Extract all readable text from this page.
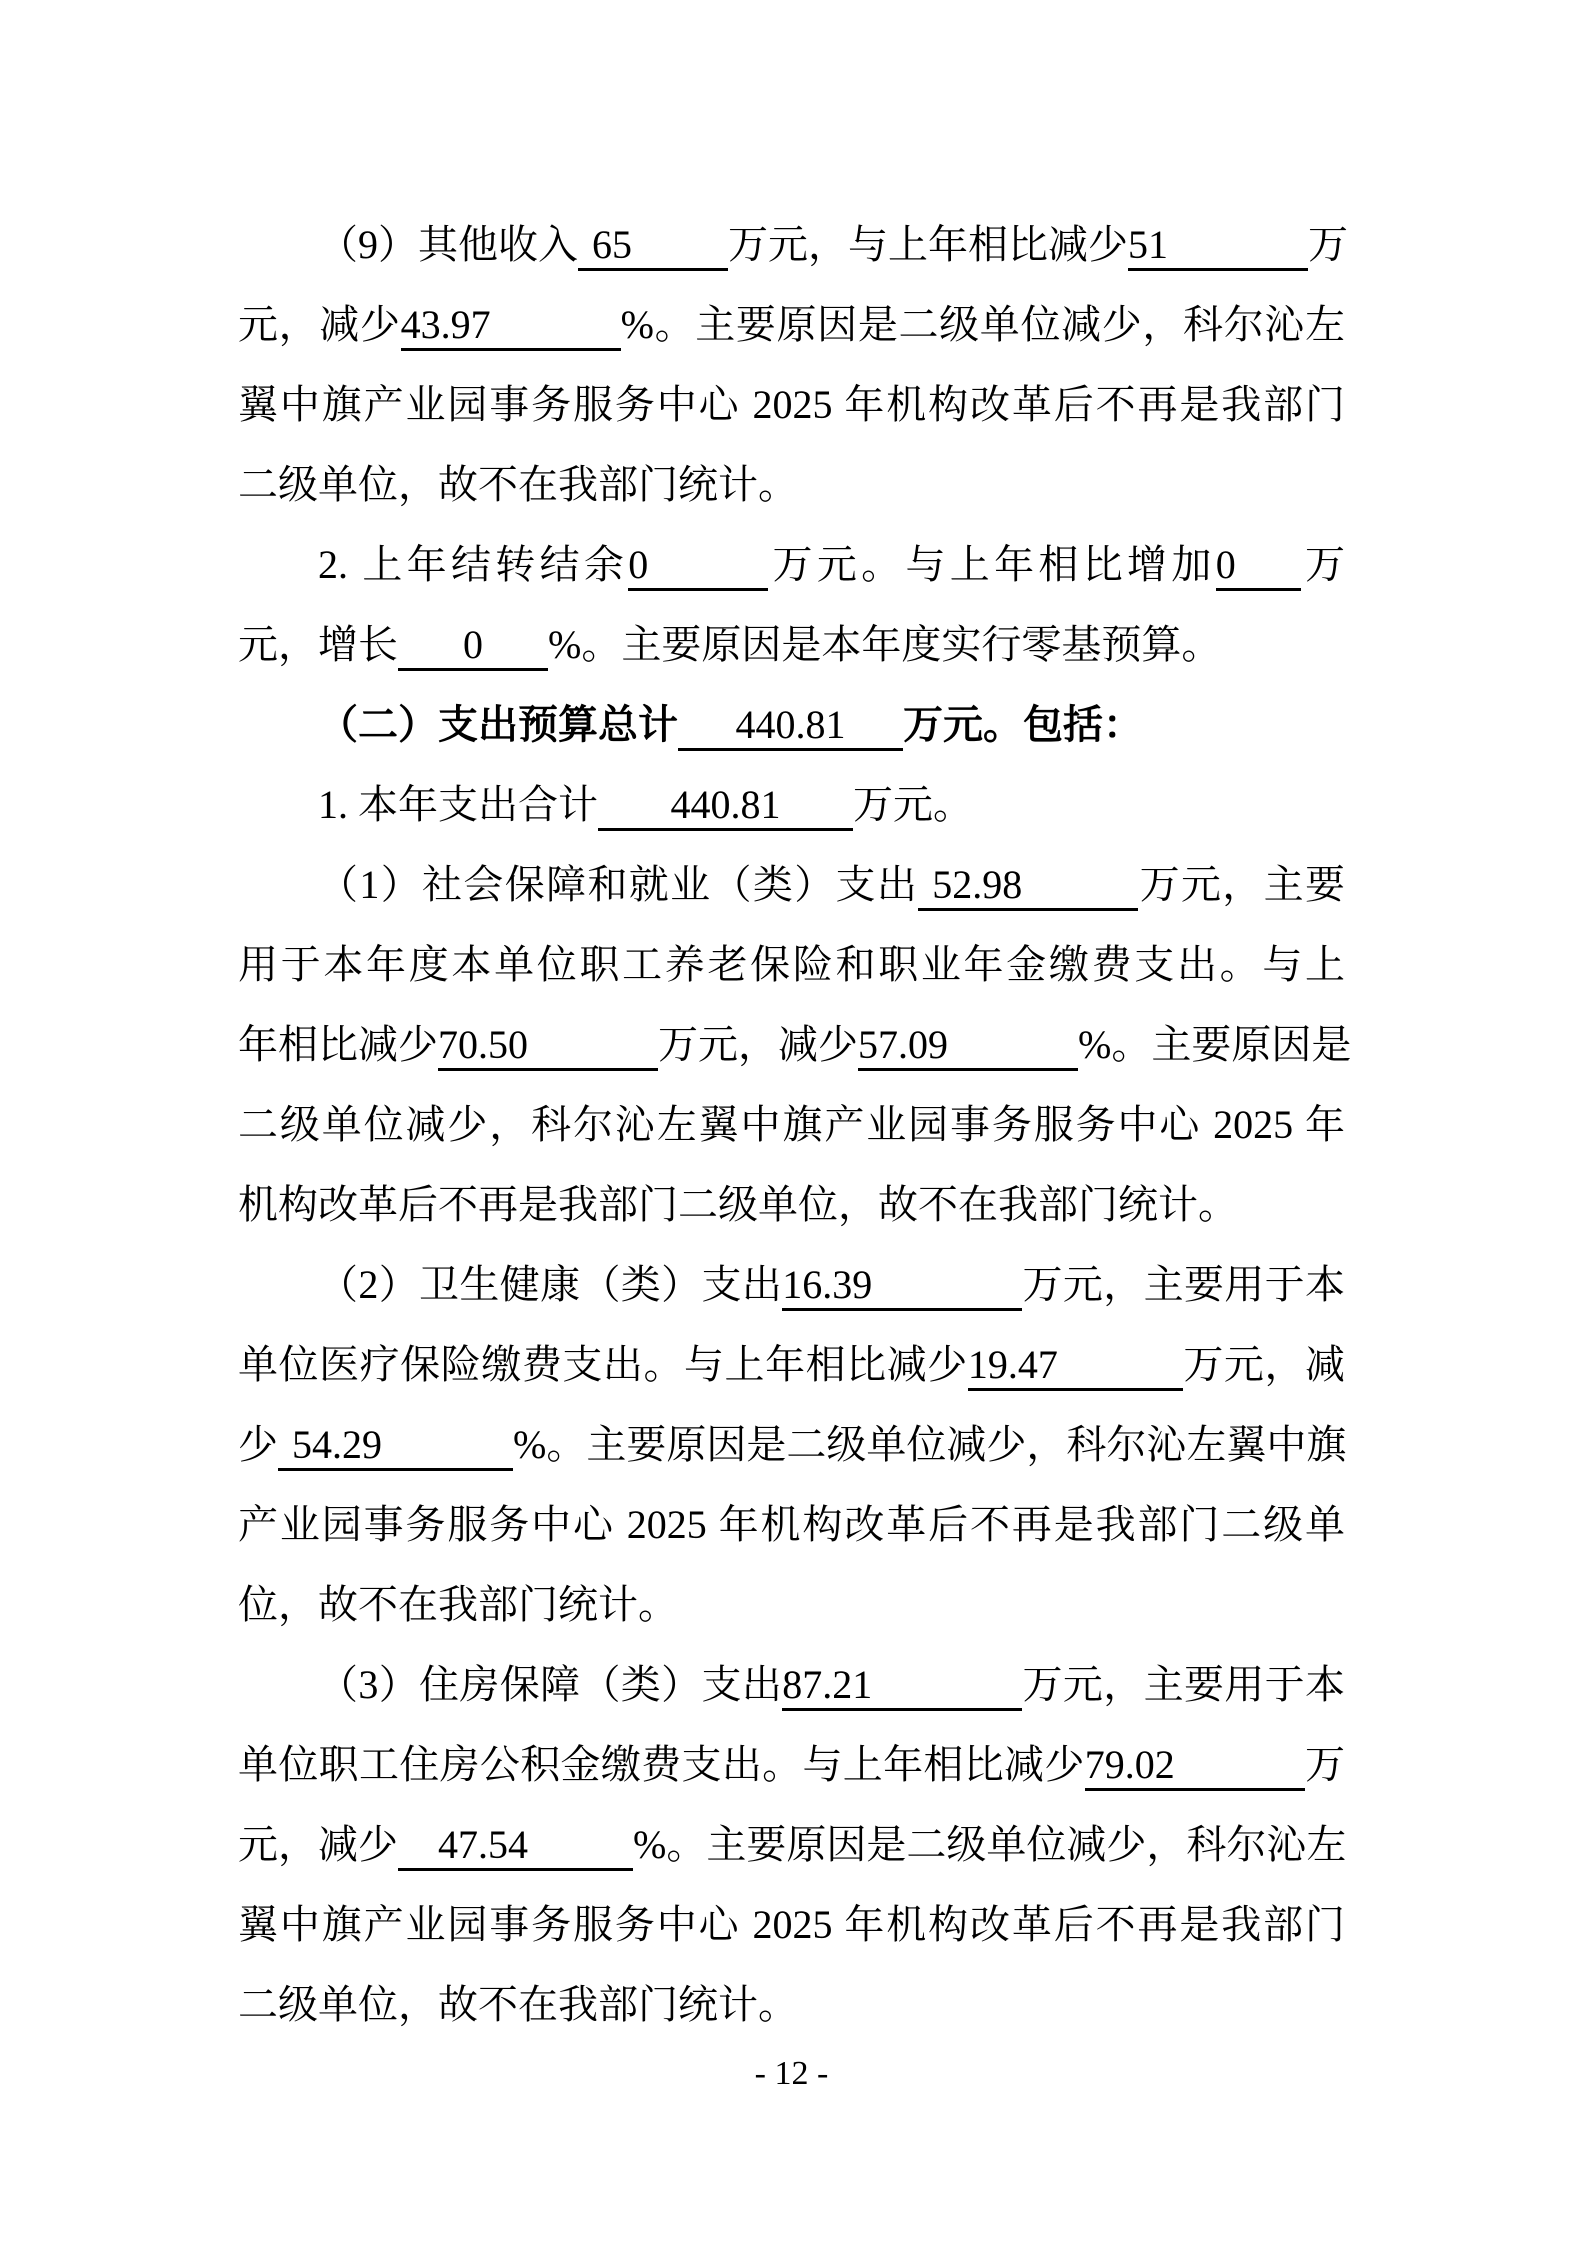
（9）其他收入 65 万元，与上年相比减少51	万
元，减少43.97	%。主要原因是二级单位减少，科尔沁左
翼中旗产业园事务服务中心 2025 年机构改革后不再是我部门
二级单位，故不在我部门统计。
2. 上年结转结余0	万元。与上年相比增加0 万
元，增长 0 %。主要原因是本年度实行零基预算。
（二）支出预算总计 440.81 万元。包括：
1. 本年支出合计 440.81 万元。
（1）社会保障和就业（类）支出 52.98	万元，主要
用于本年度本单位职工养老保险和职业年金缴费支出。与上
年相比减少70.50	万元，减少57.09	%。主要原因是
二级单位减少，科尔沁左翼中旗产业园事务服务中心 2025 年
机构改革后不再是我部门二级单位，故不在我部门统计。
（2）卫生健康（类）支出16.39	万元，主要用于本
单位医疗保险缴费支出。与上年相比减少19.47	万元，减
少 54.29	%。主要原因是二级单位减少，科尔沁左翼中旗
产业园事务服务中心 2025 年机构改革后不再是我部门二级单
位，故不在我部门统计。
（3）住房保障（类）支出87.21	万元，主要用于本
单位职工住房公积金缴费支出。与上年相比减少79.02	万
元，减少 47.54	%。主要原因是二级单位减少，科尔沁左
翼中旗产业园事务服务中心 2025 年机构改革后不再是我部门
二级单位，故不在我部门统计。
- 12 -
